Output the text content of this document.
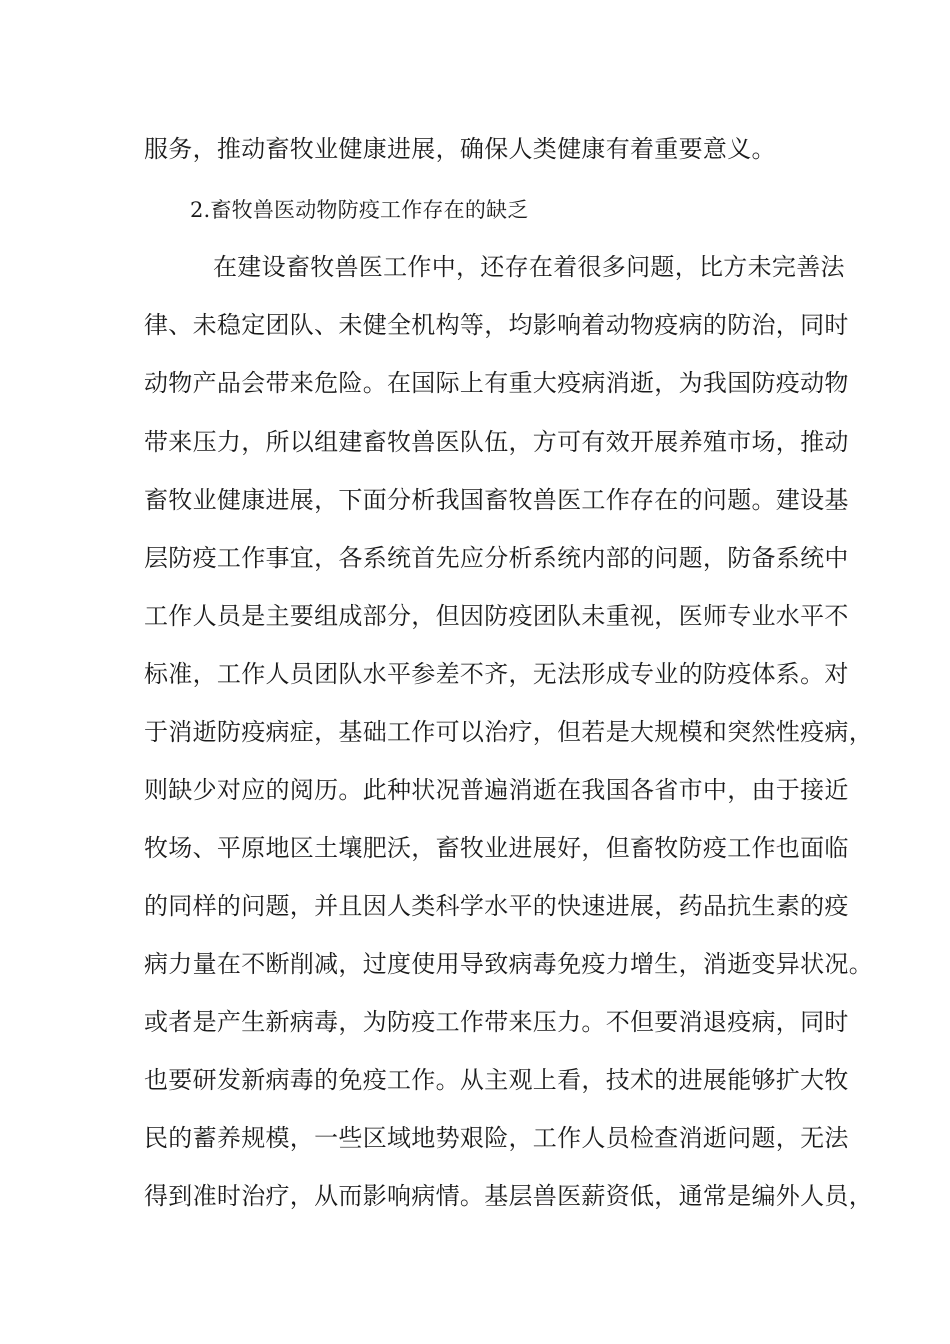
服务，推动畜牧业健康进展，确保人类健康有着重要意义。
2.畜牧兽医动物防疫工作存在的缺乏
在建设畜牧兽医工作中，还存在着很多问题，比方未完善法
律、未稳定团队、未健全机构等，均影响着动物疫病的防治，同时
动物产品会带来危险。在国际上有重大疫病消逝，为我国防疫动物
带来压力，所以组建畜牧兽医队伍，方可有效开展养殖市场，推动
畜牧业健康进展，下面分析我国畜牧兽医工作存在的问题。建设基
层防疫工作事宜，各系统首先应分析系统内部的问题，防备系统中
工作人员是主要组成部分，但因防疫团队未重视，医师专业水平不
标准，工作人员团队水平参差不齐，无法形成专业的防疫体系。对
于消逝防疫病症，基础工作可以治疗，但若是大规模和突然性疫病，
则缺少对应的阅历。此种状况普遍消逝在我国各省市中，由于接近
牧场、平原地区土壤肥沃，畜牧业进展好，但畜牧防疫工作也面临
的同样的问题，并且因人类科学水平的快速进展，药品抗生素的疫
病力量在不断削减，过度使用导致病毒免疫力增生，消逝变异状况。
或者是产生新病毒，为防疫工作带来压力。不但要消退疫病，同时
也要研发新病毒的免疫工作。从主观上看，技术的进展能够扩大牧
民的蓄养规模，一些区域地势艰险，工作人员检查消逝问题，无法
得到准时治疗，从而影响病情。基层兽医薪资低，通常是编外人员，
